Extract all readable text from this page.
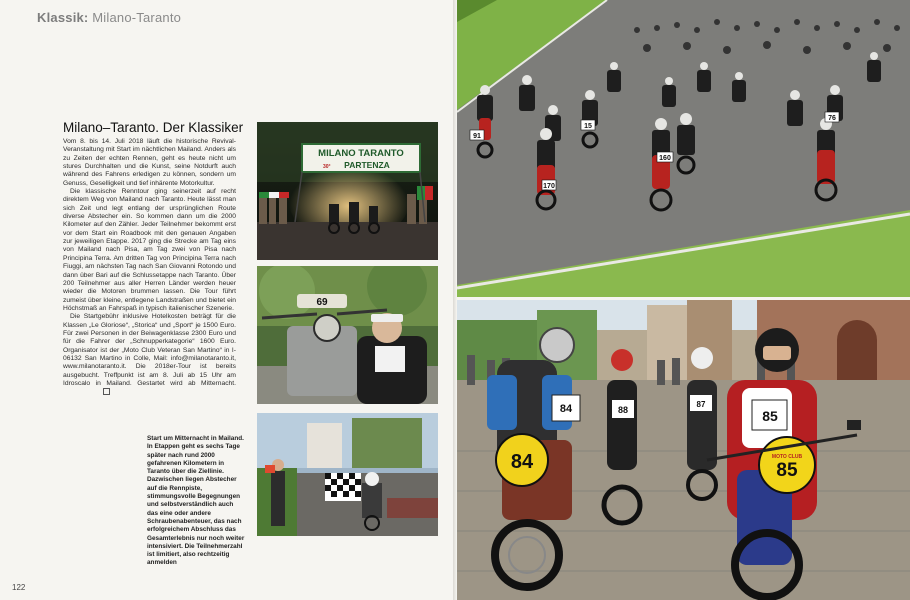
Klassik: Milano-Taranto
Milano–Taranto. Der Klassiker

Vom 8. bis 14. Juli 2018 läuft die historische Revival-Veranstaltung mit Start im nächtlichen Mailand. Anders als zu Zeiten der echten Rennen, geht es heute nicht um stures Durchhalten und die Kunst, seine Notdurft auch während des Fahrens erledigen zu können, sondern um Genuss, Geselligkeit und tief inhärente Motorkultur.

Die klassische Renntour ging seinerzeit auf recht direktem Weg von Mailand nach Taranto. Heute lässt man sich Zeit und legt entlang der ursprünglichen Route diverse Abstecher ein. So kommen dann um die 2000 Kilometer auf den Zähler. Jeder Teilnehmer bekommt erst vor dem Start ein Roadbook mit den genauen Angaben zur jeweiligen Etappe. 2017 ging die Strecke am Tag eins von Mailand nach Pisa, am Tag zwei von Pisa nach Principina Terra. Am dritten Tag von Principina Terra nach Fiuggi, am nächsten Tag nach San Giovanni Rotondo und dann über Bari auf die Schlussetappe nach Taranto. Über 200 Teilnehmer aus aller Herren Länder werden heuer wieder die Motoren brummen lassen. Die Tour führt zumeist über kleine, entlegene Landstraßen und bietet ein Höchstmaß an Fahrspaß in typisch italienischer Szenerie.

Die Startgebühr inklusive Hotelkosten beträgt für die Klassen „Le Gloriose“, „Storica“ und „Sport“ je 1500 Euro. Für zwei Personen in der Beiwagenklasse 2300 Euro und für die Fahrer der „Schnupperkategorie“ 1600 Euro. Organisator ist der „Moto Club Veteran San Martino“ in I-06132 San Martino in Colle, Mail: info@milanotaranto.it, www.milanotaranto.it. Die 2018er-Tour ist bereits ausgebucht. Treffpunkt ist am 8. Juli ab 15 Uhr am Idroscalo in Mailand. Gestartet wird ab Mitternacht.

MILANO TARANTO
30° PARTENZA
69

Start um Mitternacht in Mailand. In Etappen geht es sechs Tage später nach rund 2000 gefahrenen Kilometern in Taranto über die Ziellinie. Dazwischen liegen Abstecher auf die Rennpiste, stimmungsvolle Begegnungen und selbstverständlich auch das eine oder andere Schraubenabenteuer, das nach erfolgreichem Abschluss das Gesamterlebnis nur noch weiter intensiviert. Die Teilnehmerzahl ist limitiert, also rechtzeitig anmelden

122
91
170
15
160
76
84
84	88
87
85
MOTO CLUB
85
